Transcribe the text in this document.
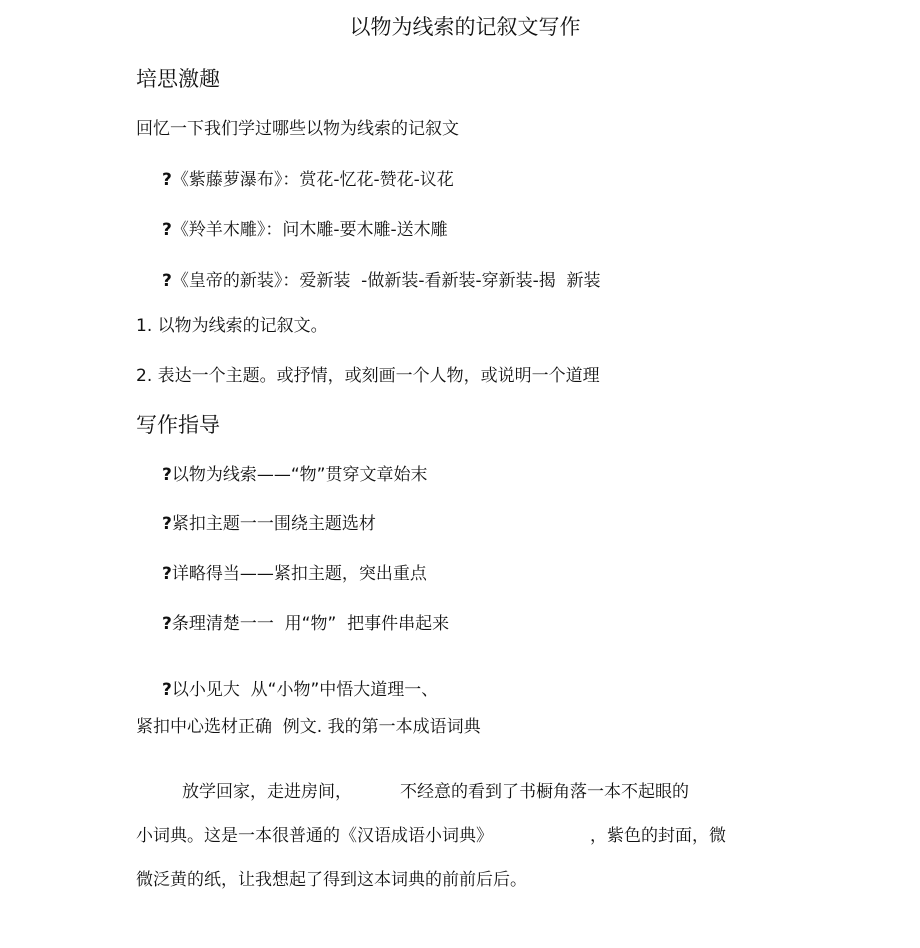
以物为线索的记叙文写作
培思激趣
回忆一下我们学过哪些以物为线索的记叙文
?《紫藤萝瀑布》：赏花-忆花-赞花-议花
?《羚羊木雕》：问木雕-要木雕-送木雕
?《皇帝的新装》：爱新装  -做新装-看新装-穿新装-揭  新装
1. 以物为线索的记叙文。
2. 表达一个主题。或抒情，或刻画一个人物，或说明一个道理
写作指导
?以物为线索——“物”贯穿文章始末
?紧扣主题一一围绕主题选材
?详略得当——紧扣主题，突出重点
?条理清楚一一  用“物”  把事件串起来
?以小见大  从“小物”中悟大道理一、
紧扣中心选材正确  例文. 我的第一本成语词典
放学回家，走进房间，	不经意的看到了书橱角落一本不起眼的
小词典。这是一本很普通的《汉语成语小词典》	，紫色的封面，微
微泛黄的纸，让我想起了得到这本词典的前前后后。
